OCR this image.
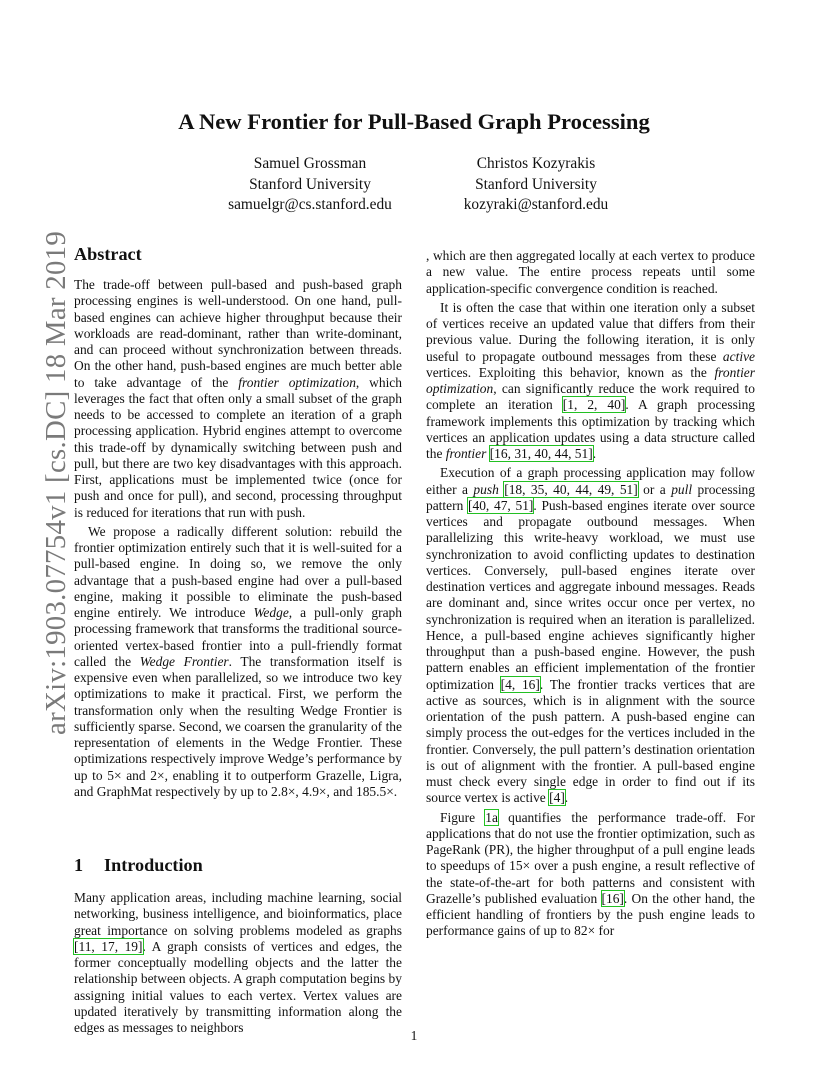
arXiv:1903.07754v1 [cs.DC] 18 Mar 2019
A New Frontier for Pull-Based Graph Processing
Samuel Grossman
Stanford University
samuelgr@cs.stanford.edu
Christos Kozyrakis
Stanford University
kozyraki@stanford.edu
Abstract

The trade-off between pull-based and push-based graph processing engines is well-understood. On one hand, pull-based engines can achieve higher throughput because their workloads are read-dominant, rather than write-dominant, and can proceed without synchronization between threads. On the other hand, push-based engines are much better able to take advantage of the frontier optimization, which leverages the fact that often only a small subset of the graph needs to be accessed to complete an iteration of a graph processing application. Hybrid engines attempt to overcome this trade-off by dynamically switching between push and pull, but there are two key disadvantages with this approach. First, applications must be implemented twice (once for push and once for pull), and second, processing throughput is reduced for iterations that run with push.

We propose a radically different solution: rebuild the frontier optimization entirely such that it is well-suited for a pull-based engine. In doing so, we remove the only advantage that a push-based engine had over a pull-based engine, making it possible to eliminate the push-based engine entirely. We introduce Wedge, a pull-only graph processing framework that transforms the traditional source-oriented vertex-based frontier into a pull-friendly format called the Wedge Frontier. The transformation itself is expensive even when parallelized, so we introduce two key optimizations to make it practical. First, we perform the transformation only when the resulting Wedge Frontier is sufficiently sparse. Second, we coarsen the granularity of the representation of elements in the Wedge Frontier. These optimizations respectively improve Wedge’s performance by up to 5× and 2×, enabling it to outperform Grazelle, Ligra, and GraphMat respectively by up to 2.8×, 4.9×, and 185.5×.

1 Introduction

Many application areas, including machine learning, social networking, business intelligence, and bioinformatics, place great importance on solving problems modeled as graphs [11, 17, 19]. A graph consists of vertices and edges, the former conceptually modelling objects and the latter the relationship between objects. A graph computation begins by assigning initial values to each vertex. Vertex values are updated iteratively by transmitting information along the edges as messages to neighbors

, which are then aggregated locally at each vertex to produce a new value. The entire process repeats until some application-specific convergence condition is reached.

It is often the case that within one iteration only a subset of vertices receive an updated value that differs from their previous value. During the following iteration, it is only useful to propagate outbound messages from these active vertices. Exploiting this behavior, known as the frontier optimization, can significantly reduce the work required to complete an iteration [1, 2, 40]. A graph processing framework implements this optimization by tracking which vertices an application updates using a data structure called the frontier [16, 31, 40, 44, 51].

Execution of a graph processing application may follow either a push [18, 35, 40, 44, 49, 51] or a pull processing pattern [40, 47, 51]. Push-based engines iterate over source vertices and propagate outbound messages. When parallelizing this write-heavy workload, we must use synchronization to avoid conflicting updates to destination vertices. Conversely, pull-based engines iterate over destination vertices and aggregate inbound messages. Reads are dominant and, since writes occur once per vertex, no synchronization is required when an iteration is parallelized. Hence, a pull-based engine achieves significantly higher throughput than a push-based engine. However, the push pattern enables an efficient implementation of the frontier optimization [4, 16]. The frontier tracks vertices that are active as sources, which is in alignment with the source orientation of the push pattern. A push-based engine can simply process the out-edges for the vertices included in the frontier. Conversely, the pull pattern’s destination orientation is out of alignment with the frontier. A pull-based engine must check every single edge in order to find out if its source vertex is active [4].

Figure 1a quantifies the performance trade-off. For applications that do not use the frontier optimization, such as PageRank (PR), the higher throughput of a pull engine leads to speedups of 15× over a push engine, a result reflective of the state-of-the-art for both patterns and consistent with Grazelle’s published evaluation [16]. On the other hand, the efficient handling of frontiers by the push engine leads to performance gains of up to 82× for

1
